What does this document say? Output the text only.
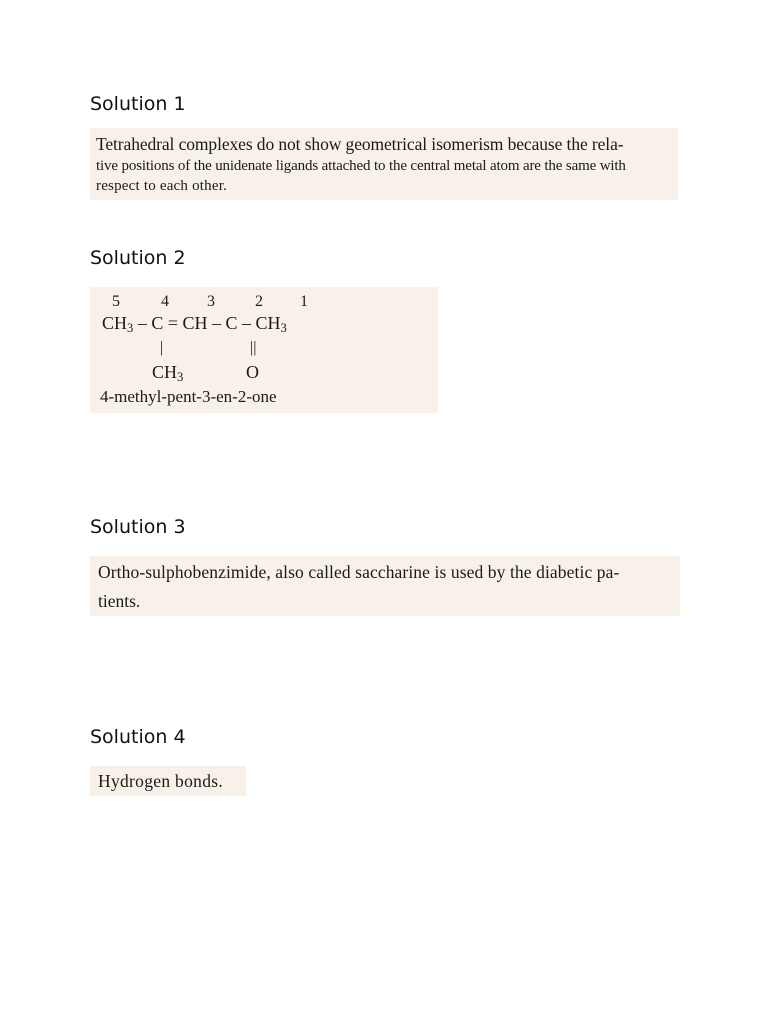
Solution 1

Tetrahedral complexes do not show geometrical isomerism because the rela-

tive positions of the unidenate ligands attached to the central metal atom are the same with

respect to each other.

Solution 2
5	4 3	2 1
$CH_3$ – C = CH – C – $CH_3$
|	||
$CH_3$	O

4-methyl-pent-3-en-2-one

Solution 3

Ortho-sulphobenzimide, also called saccharine is used by the diabetic pa-

tients.

Solution 4

Hydrogen bonds.
